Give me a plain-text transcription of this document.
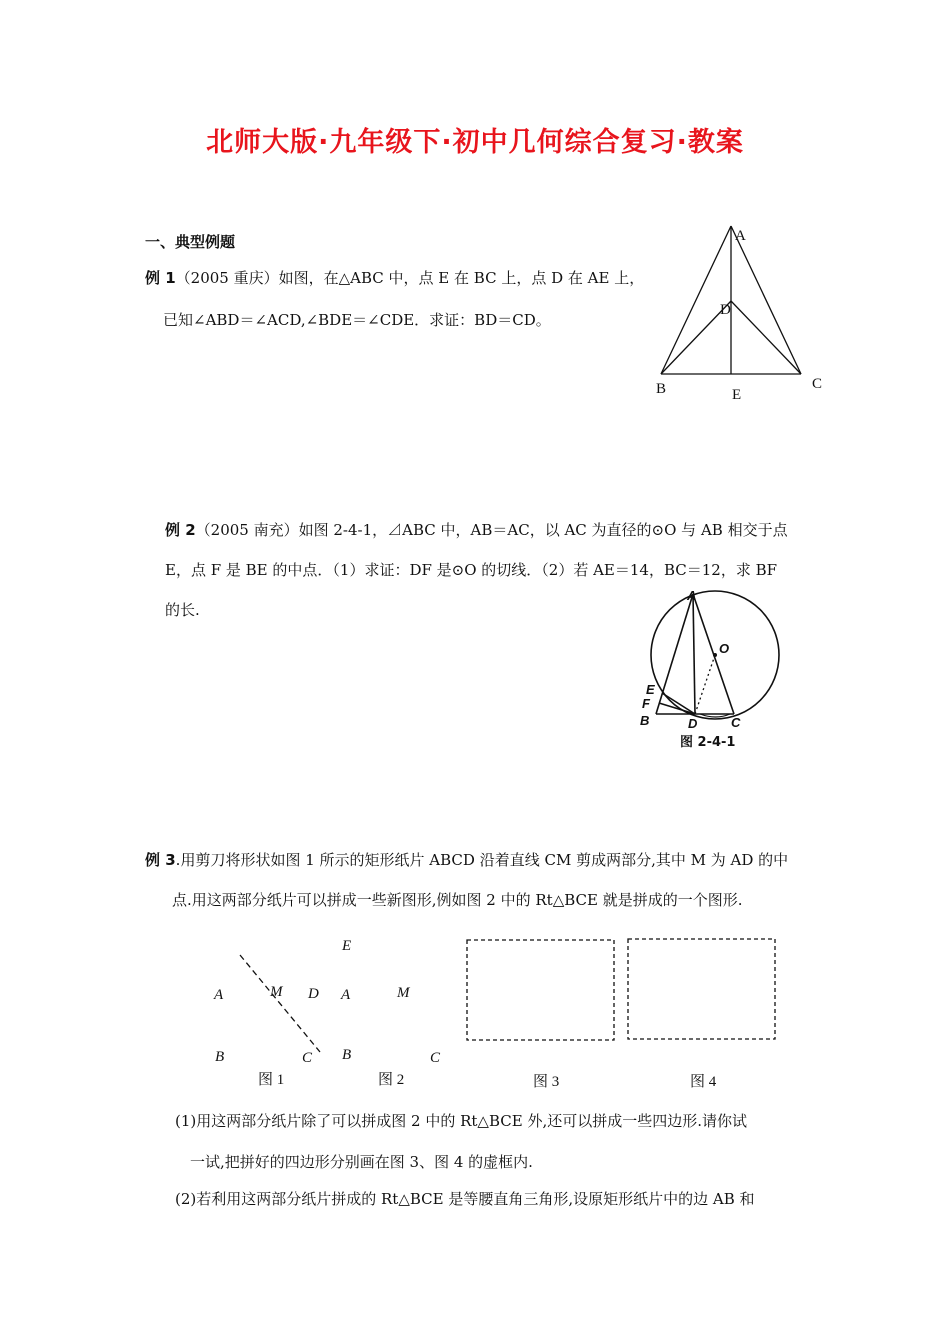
北师大版·九年级下·初中几何综合复习·教案
一、典型例题
例 1（2005 重庆）如图，在△ABC 中，点 E 在 BC 上，点 D 在 AE 上，
已知∠ABD＝∠ACD,∠BDE＝∠CDE．求证：BD＝CD。
A
D
B	E
C
例 2（2005 南充）如图 2-4-1，⊿ABC 中，AB＝AC，以 AC 为直径的⊙O 与 AB 相交于点
E，点 F 是 BE 的中点．（1）求证：DF 是⊙O 的切线．（2）若 AE＝14，BC＝12，求 BF
的长.
A
O
E
F
B	D	C
图 2-4-1
例 3.用剪刀将形状如图 1 所示的矩形纸片 ABCD 沿着直线 CM 剪成两部分,其中 M 为 AD 的中
点.用这两部分纸片可以拼成一些新图形,例如图 2 中的 Rt△BCE 就是拼成的一个图形.
A	M D
B	C
图 1
E
A	M
B	C
图 2	图 3	图 4
(1)用这两部分纸片除了可以拼成图 2 中的 Rt△BCE 外,还可以拼成一些四边形.请你试
一试,把拼好的四边形分别画在图 3、图 4 的虚框内.
(2)若利用这两部分纸片拼成的 Rt△BCE 是等腰直角三角形,设原矩形纸片中的边 AB 和
